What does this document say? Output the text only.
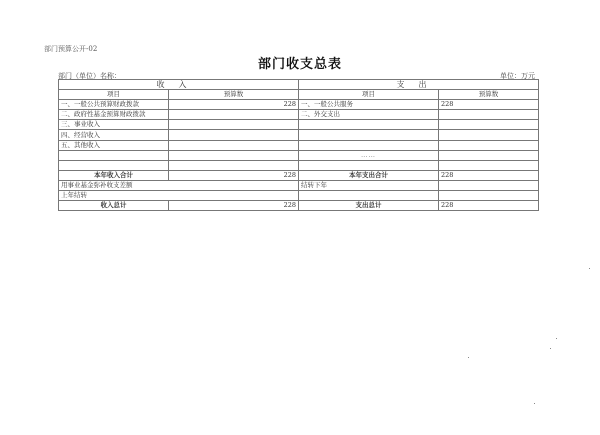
部门预算公开-02
部门收支总表
部门（单位）名称：	单位：万元
收入		支出	
项目	预算数	项目	预算数
一、一般公共预算财政拨款	228	一、一般公共服务	228
二、政府性基金预算财政拨款		二、外交支出	
三、事业收入			
四、经营收入			
五、其他收入			
		……	

本年收入合计	228	本年支出合计	228
用事业基金弥补收支差额		结转下年	
上年结转			
收入总计	228	支出总计	228
